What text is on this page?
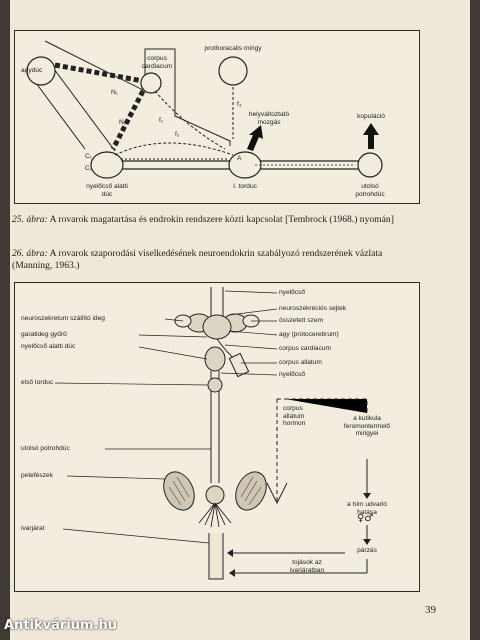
prothoracalis mirigy
agydúc
corpus
cardiacum
N₁
N₂	f₁
f₂
f₃
C₁
C₂
A
helyváltoztató
mozgás
kopuláció
nyelőcső alatti
dúc
I. torduc	utolsó
potrohdúc
25. ábra: A rovarok magatartása és endrokin rendszere közti kapcsolat [Tembrock (1968.) nyomán]
26. ábra: A rovarok szaporodási viselkedésének neuroendokrin szabályozó rendszerének vázlata (Manning, 1963.)
♀♂
neuroszekretum szállító ideg
garatideg gyűrű
nyelőcső alatti dúc
első torduc
utolsó potrohdúc
petefészek
ivarjárat
nyelőcső
neuroszekréciós sejtek
összetett szem
agy (protocerebrum)
corpus cardiacum
corpus allatum
nyelőcső
corpus
allatum
hormon
a kutikula
feromontermelő
mirigyei
a hím udvarló
hatása
párzás
tojások az
ivarjáratban
39
Antikvárium.hu
